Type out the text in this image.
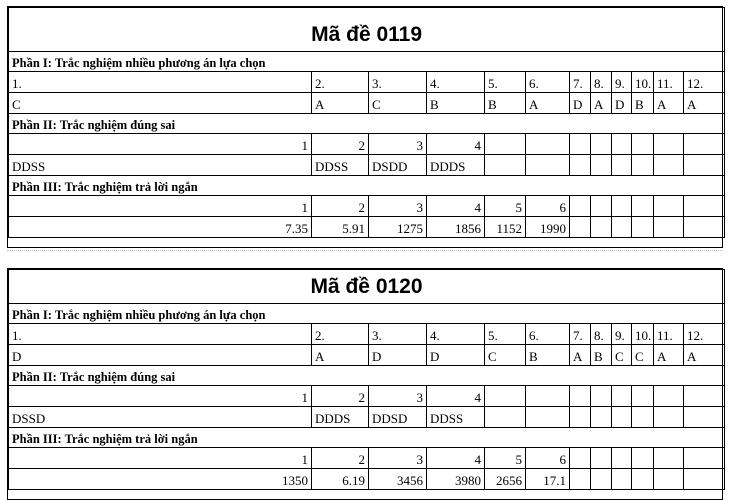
Mã đề 0119											
Phần I: Trắc nghiệm nhiều phương án lựa chọn											
1.	2.	3.	4.	5.	6.	7.	8.	9.	10.	11.	12.
C	A	C	B	B	A	D	A	D	B	A	A
Phần II: Trắc nghiệm đúng sai											
1	2	3	4								
DDSS	DDSS	DSDD	DDDS								
Phần III: Trắc nghiệm trả lời ngắn											
1	2	3	4	5	6						
7.35	5.91	1275	1856	1152	1990						
Mã đề 0120											
Phần I: Trắc nghiệm nhiều phương án lựa chọn											
1.	2.	3.	4.	5.	6.	7.	8.	9.	10.	11.	12.
D	A	D	D	C	B	A	B	C	C	A	A
Phần II: Trắc nghiệm đúng sai											
1	2	3	4								
DSSD	DDDS	DDSD	DDSS								
Phần III: Trắc nghiệm trả lời ngắn											
1	2	3	4	5	6						
1350	6.19	3456	3980	2656	17.1						
